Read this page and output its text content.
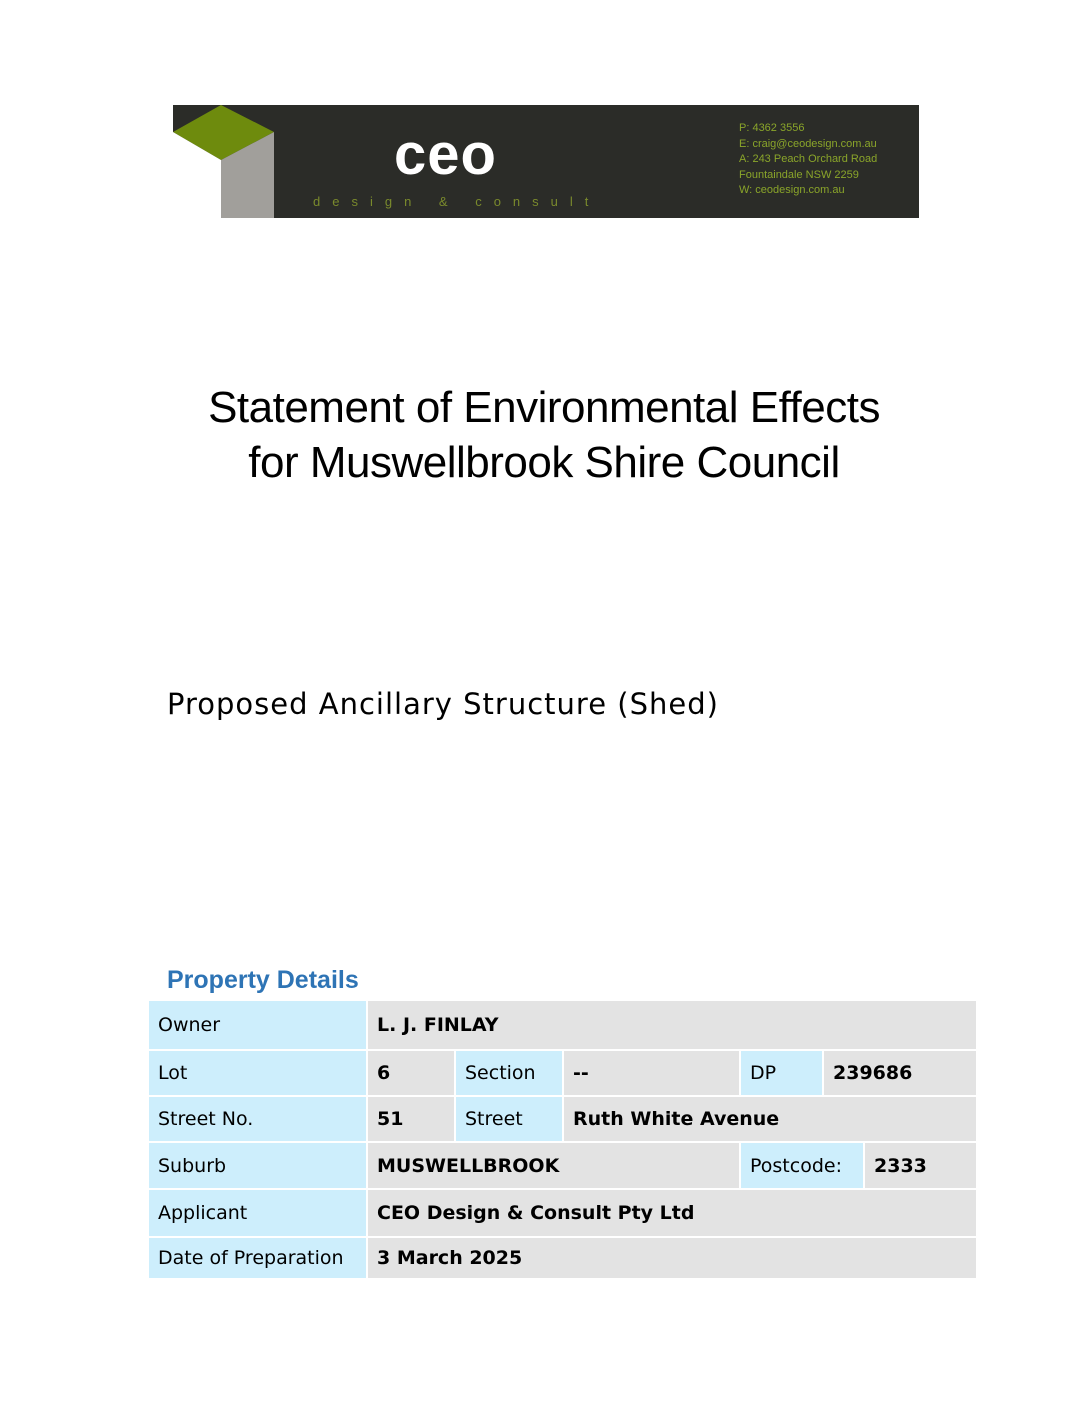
ceo
design & consult
P: 4362 3556
E: craig@ceodesign.com.au
A: 243 Peach Orchard Road
Fountaindale NSW 2259
W: ceodesign.com.au
Statement of Environmental Effects
for Muswellbrook Shire Council
Proposed Ancillary Structure (Shed)
Property Details
Owner	L. J. FINLAY					
Lot	6	Section	--	DP	239686	
Street No.	51	Street	Ruth White Avenue			
Suburb	MUSWELLBROOK			Postcode:		2333
Applicant	CEO Design & Consult Pty Ltd					
Date of Preparation	3 March 2025					
